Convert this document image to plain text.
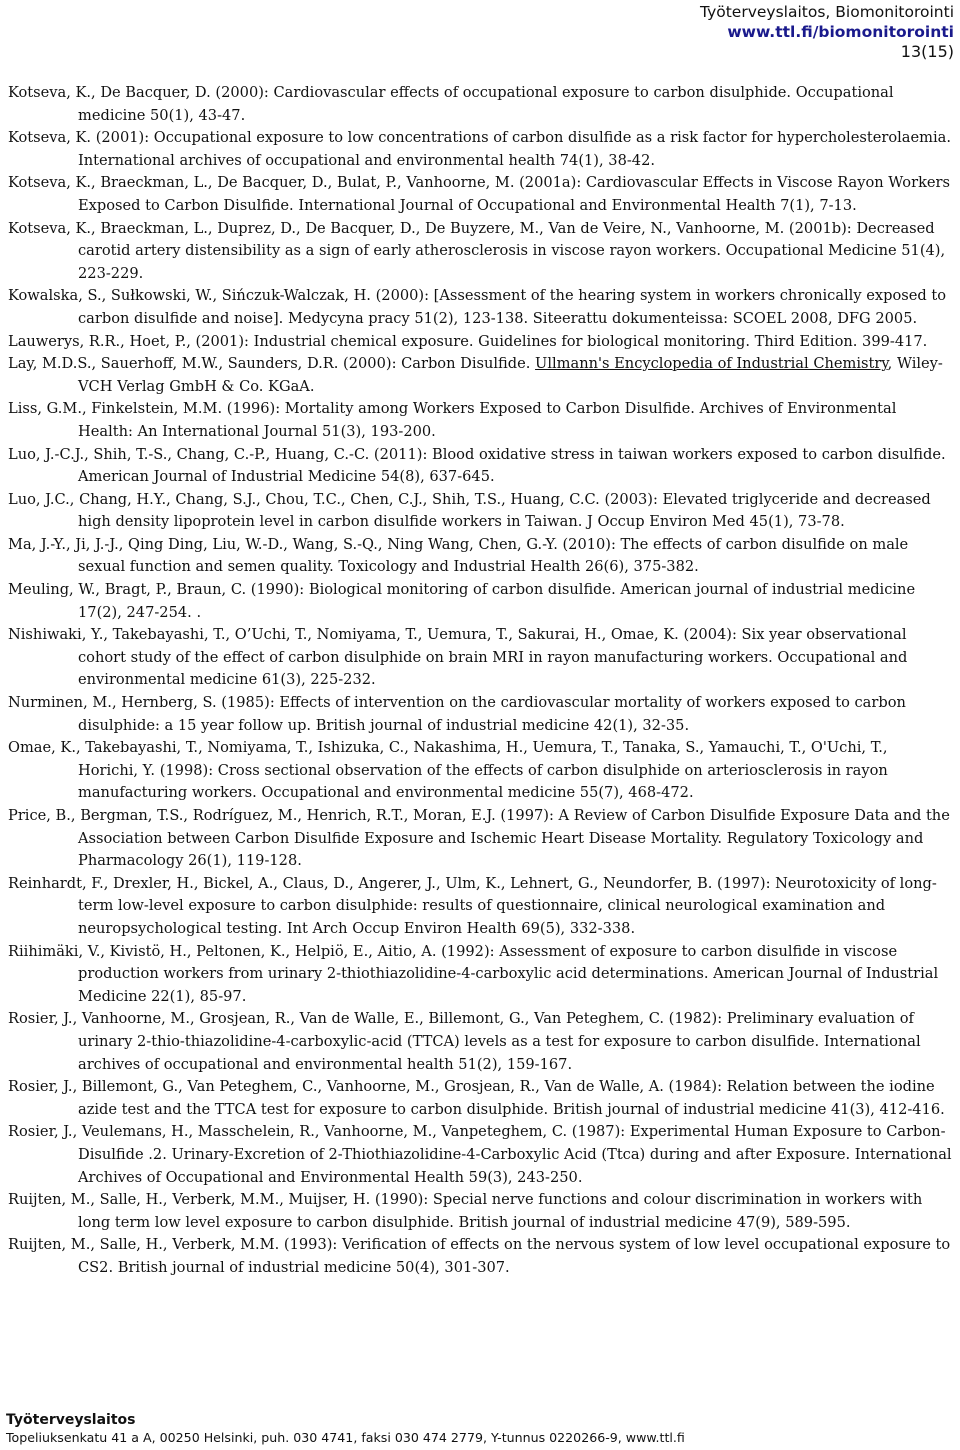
Työterveyslaitos, Biomonitorointi
www.ttl.fi/biomonitorointi
13(15)

Kotseva, K., De Bacquer, D. (2000): Cardiovascular effects of occupational exposure to carbon disulphide. Occupational medicine 50(1), 43-47.

Kotseva, K. (2001): Occupational exposure to low concentrations of carbon disulfide as a risk factor for hypercholesterolaemia. International archives of occupational and environmental health 74(1), 38-42.

Kotseva, K., Braeckman, L., De Bacquer, D., Bulat, P., Vanhoorne, M. (2001a): Cardiovascular Effects in Viscose Rayon Workers Exposed to Carbon Disulfide. International Journal of Occupational and Environmental Health 7(1), 7-13.

Kotseva, K., Braeckman, L., Duprez, D., De Bacquer, D., De Buyzere, M., Van de Veire, N., Vanhoorne, M. (2001b): Decreased carotid artery distensibility as a sign of early atherosclerosis in viscose rayon workers. Occupational Medicine 51(4), 223-229.

Kowalska, S., Sułkowski, W., Sińczuk-Walczak, H. (2000): [Assessment of the hearing system in workers chronically exposed to carbon disulfide and noise]. Medycyna pracy 51(2), 123-138. Siteerattu dokumenteissa: SCOEL 2008, DFG 2005.

Lauwerys, R.R., Hoet, P., (2001): Industrial chemical exposure. Guidelines for biological monitoring. Third Edition. 399-417.

Lay, M.D.S., Sauerhoff, M.W., Saunders, D.R. (2000): Carbon Disulfide. Ullmann's Encyclopedia of Industrial Chemistry, Wiley-VCH Verlag GmbH & Co. KGaA.

Liss, G.M., Finkelstein, M.M. (1996): Mortality among Workers Exposed to Carbon Disulfide. Archives of Environmental Health: An International Journal 51(3), 193-200.

Luo, J.-C.J., Shih, T.-S., Chang, C.-P., Huang, C.-C. (2011): Blood oxidative stress in taiwan workers exposed to carbon disulfide. American Journal of Industrial Medicine 54(8), 637-645.

Luo, J.C., Chang, H.Y., Chang, S.J., Chou, T.C., Chen, C.J., Shih, T.S., Huang, C.C. (2003): Elevated triglyceride and decreased high density lipoprotein level in carbon disulfide workers in Taiwan. J Occup Environ Med 45(1), 73-78.

Ma, J.-Y., Ji, J.-J., Qing Ding, Liu, W.-D., Wang, S.-Q., Ning Wang, Chen, G.-Y. (2010): The effects of carbon disulfide on male sexual function and semen quality. Toxicology and Industrial Health 26(6), 375-382.

Meuling, W., Bragt, P., Braun, C. (1990): Biological monitoring of carbon disulfide. American journal of industrial medicine 17(2), 247-254. .

Nishiwaki, Y., Takebayashi, T., O’Uchi, T., Nomiyama, T., Uemura, T., Sakurai, H., Omae, K. (2004): Six year observational cohort study of the effect of carbon disulphide on brain MRI in rayon manufacturing workers. Occupational and environmental medicine 61(3), 225-232.

Nurminen, M., Hernberg, S. (1985): Effects of intervention on the cardiovascular mortality of workers exposed to carbon disulphide: a 15 year follow up. British journal of industrial medicine 42(1), 32-35.

Omae, K., Takebayashi, T., Nomiyama, T., Ishizuka, C., Nakashima, H., Uemura, T., Tanaka, S., Yamauchi, T., O'Uchi, T., Horichi, Y. (1998): Cross sectional observation of the effects of carbon disulphide on arteriosclerosis in rayon manufacturing workers. Occupational and environmental medicine 55(7), 468-472.

Price, B., Bergman, T.S., Rodríguez, M., Henrich, R.T., Moran, E.J. (1997): A Review of Carbon Disulfide Exposure Data and the Association between Carbon Disulfide Exposure and Ischemic Heart Disease Mortality. Regulatory Toxicology and Pharmacology 26(1), 119-128.

Reinhardt, F., Drexler, H., Bickel, A., Claus, D., Angerer, J., Ulm, K., Lehnert, G., Neundorfer, B. (1997): Neurotoxicity of long-term low-level exposure to carbon disulphide: results of questionnaire, clinical neurological examination and neuropsychological testing. Int Arch Occup Environ Health 69(5), 332-338.

Riihimäki, V., Kivistö, H., Peltonen, K., Helpiö, E., Aitio, A. (1992): Assessment of exposure to carbon disulfide in viscose production workers from urinary 2-thiothiazolidine-4-carboxylic acid determinations. American Journal of Industrial Medicine 22(1), 85-97.

Rosier, J., Vanhoorne, M., Grosjean, R., Van de Walle, E., Billemont, G., Van Peteghem, C. (1982): Preliminary evaluation of urinary 2-thio-thiazolidine-4-carboxylic-acid (TTCA) levels as a test for exposure to carbon disulfide. International archives of occupational and environmental health 51(2), 159-167.

Rosier, J., Billemont, G., Van Peteghem, C., Vanhoorne, M., Grosjean, R., Van de Walle, A. (1984): Relation between the iodine azide test and the TTCA test for exposure to carbon disulphide. British journal of industrial medicine 41(3), 412-416.

Rosier, J., Veulemans, H., Masschelein, R., Vanhoorne, M., Vanpeteghem, C. (1987): Experimental Human Exposure to Carbon-Disulfide .2. Urinary-Excretion of 2-Thiothiazolidine-4-Carboxylic Acid (Ttca) during and after Exposure. International Archives of Occupational and Environmental Health 59(3), 243-250.

Ruijten, M., Salle, H., Verberk, M.M., Muijser, H. (1990): Special nerve functions and colour discrimination in workers with long term low level exposure to carbon disulphide. British journal of industrial medicine 47(9), 589-595.

Ruijten, M., Salle, H., Verberk, M.M. (1993): Verification of effects on the nervous system of low level occupational exposure to CS2. British journal of industrial medicine 50(4), 301-307.

Työterveyslaitos
Topeliuksenkatu 41 a A, 00250 Helsinki, puh. 030 4741, faksi 030 474 2779, Y-tunnus 0220266-9, www.ttl.fi
